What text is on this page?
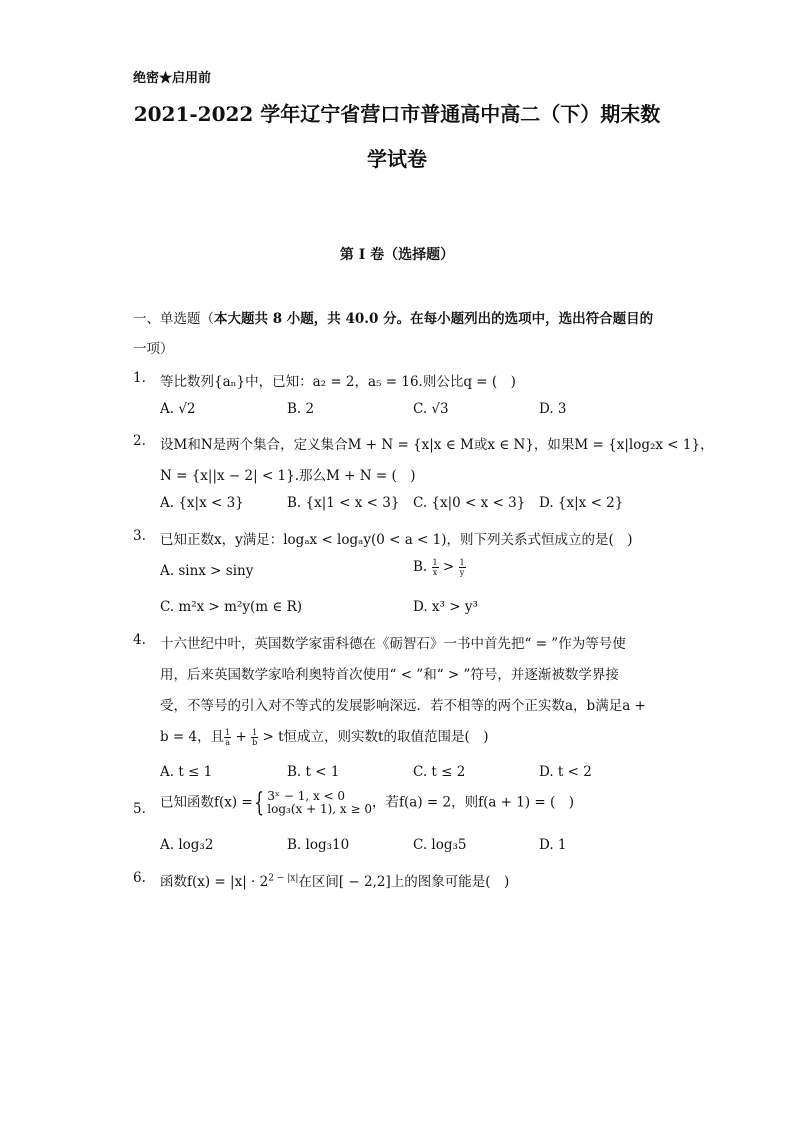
绝密★启用前
2021-2022 学年辽宁省营口市普通高中高二（下）期末数
学试卷
第 I 卷（选择题）
一、单选题（本大题共 8 小题，共 40.0 分。在每小题列出的选项中，选出符合题目的
一项）
1. 等比数列{aₙ}中，已知：a₂ = 2，a₅ = 16.则公比q = ( )
A. √2	B. 2	C. √3	D. 3
2. 设M和N是两个集合，定义集合M + N = {x|x ∈ M或x ∈ N}，如果M = {x|log₂x < 1}，
N = {x||x − 2| < 1}.那么M + N = ( )
A. {x|x < 3}	B. {x|1 < x < 3} C. {x|0 < x < 3} D. {x|x < 2}
3. 已知正数x，y满足：logₐx < logₐy(0 < a < 1)，则下列关系式恒成立的是( )
A. sinx > siny	B. $\frac{1}{x} > \frac{1}{y}$
C. m²x > m²y(m ∈ R)	D. x³ > y³
4. 十六世纪中叶，英国数学家雷科德在《砺智石》一书中首先把“ = ”作为等号使
用，后来英国数学家哈利奥特首次使用“ < ”和“ > ”符号，并逐渐被数学界接
受，不等号的引入对不等式的发展影响深远．若不相等的两个正实数a，b满足a +
b = 4，且 $\frac{1}{a} + \frac{1}{b} > t$恒成立，则实数t的取值范围是( )
A. t ≤ 1	B. t < 1	C. t ≤ 2	D. t < 2
5. 已知函数f(x) ={ 3ˣ − 1, x < 0
log₃(x + 1), x ≥ 0 ，若f(a) = 2，则f(a + 1) = ( )
A. log₃2	B. log₃10	C. log₃5	D. 1
6. 函数$f(x) = |x| \cdot 2^{2 - |x|}$在区间[ − 2,2]上的图象可能是( )
